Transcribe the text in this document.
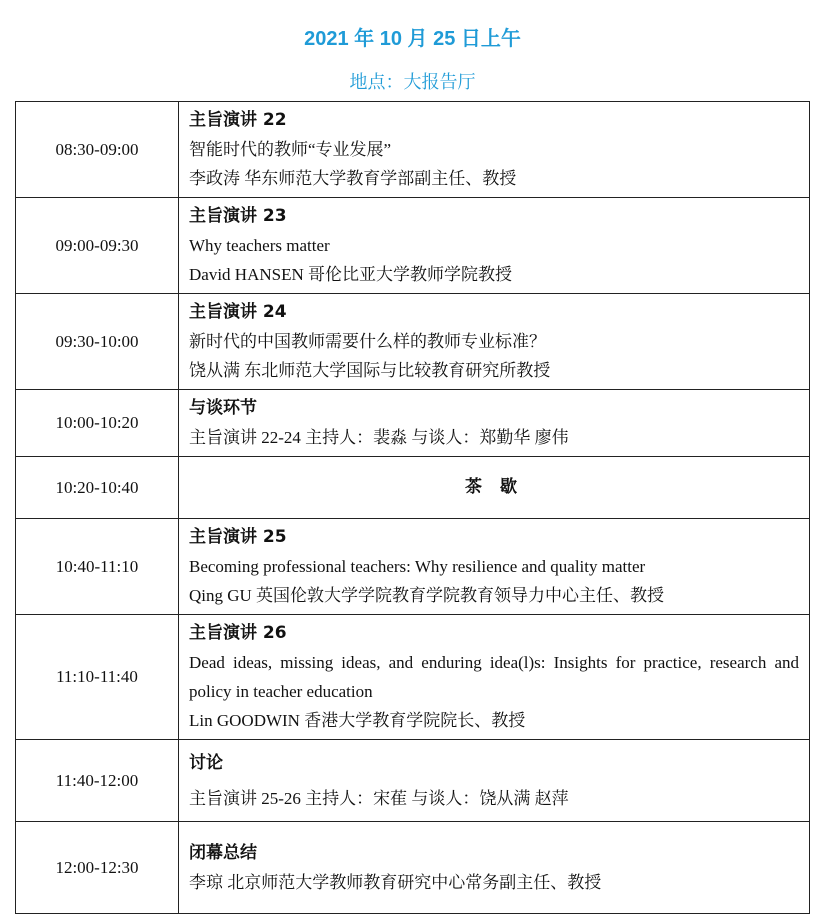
2021 年 10 月 25 日上午
地点：大报告厅
08:30-09:00	主旨演讲 22
智能时代的教师“专业发展”
李政涛 华东师范大学教育学部副主任、教授

09:00-09:30	主旨演讲 23
Why teachers matter
David HANSEN 哥伦比亚大学教师学院教授

09:30-10:00	主旨演讲 24
新时代的中国教师需要什么样的教师专业标准？
饶从满 东北师范大学国际与比较教育研究所教授

10:00-10:20	与谈环节
主旨演讲 22-24 主持人：裴淼 与谈人：郑勤华 廖伟

10:20-10:40	茶 歇
10:40-11:10	主旨演讲 25
Becoming professional teachers: Why resilience and quality matter
Qing GU 英国伦敦大学学院教育学院教育领导力中心主任、教授

11:10-11:40	主旨演讲 26
Dead ideas, missing ideas, and enduring idea(l)s: Insights for practice, research and policy in teacher education
Lin GOODWIN 香港大学教育学院院长、教授

11:40-12:00	讨论
主旨演讲 25-26 主持人：宋萑 与谈人：饶从满 赵萍

12:00-12:30	闭幕总结
李琼 北京师范大学教师教育研究中心常务副主任、教授
